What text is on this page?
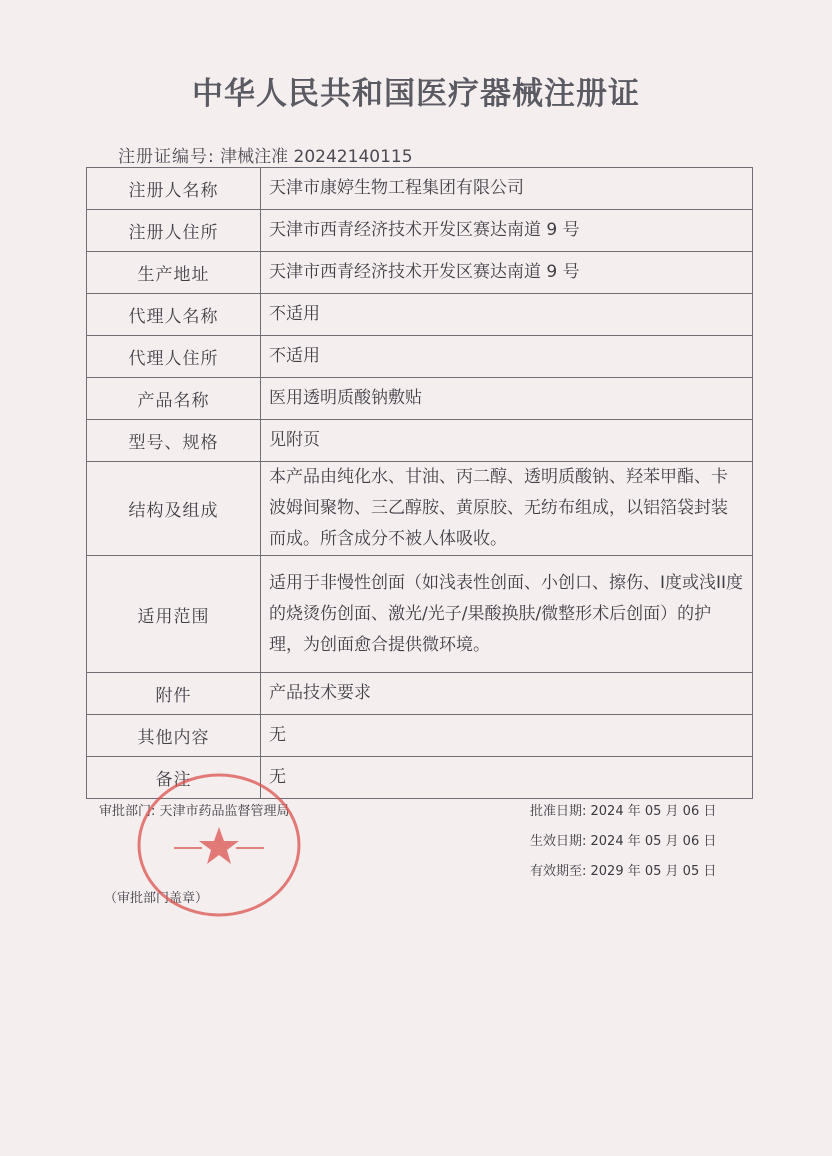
中华人民共和国医疗器械注册证
注册证编号: 津械注准 20242140115
注册人名称	天津市康婷生物工程集团有限公司
注册人住所	天津市西青经济技术开发区赛达南道 9 号
生产地址	天津市西青经济技术开发区赛达南道 9 号
代理人名称	不适用
代理人住所	不适用
产品名称	医用透明质酸钠敷贴
型号、规格	见附页
结构及组成	本产品由纯化水、甘油、丙二醇、透明质酸钠、羟苯甲酯、卡波姆间聚物、三乙醇胺、黄原胶、无纺布组成，以铝箔袋封装而成。所含成分不被人体吸收。
适用范围	适用于非慢性创面（如浅表性创面、小创口、擦伤、I度或浅II度的烧烫伤创面、激光/光子/果酸换肤/微整形术后创面）的护理，为创面愈合提供微环境。
附件	产品技术要求
其他内容	无
备注	无
审批部门: 天津市药品监督管理局
（审批部门盖章）
批准日期: 2024 年 05 月 06 日
生效日期: 2024 年 05 月 06 日
有效期至: 2029 年 05 月 05 日
